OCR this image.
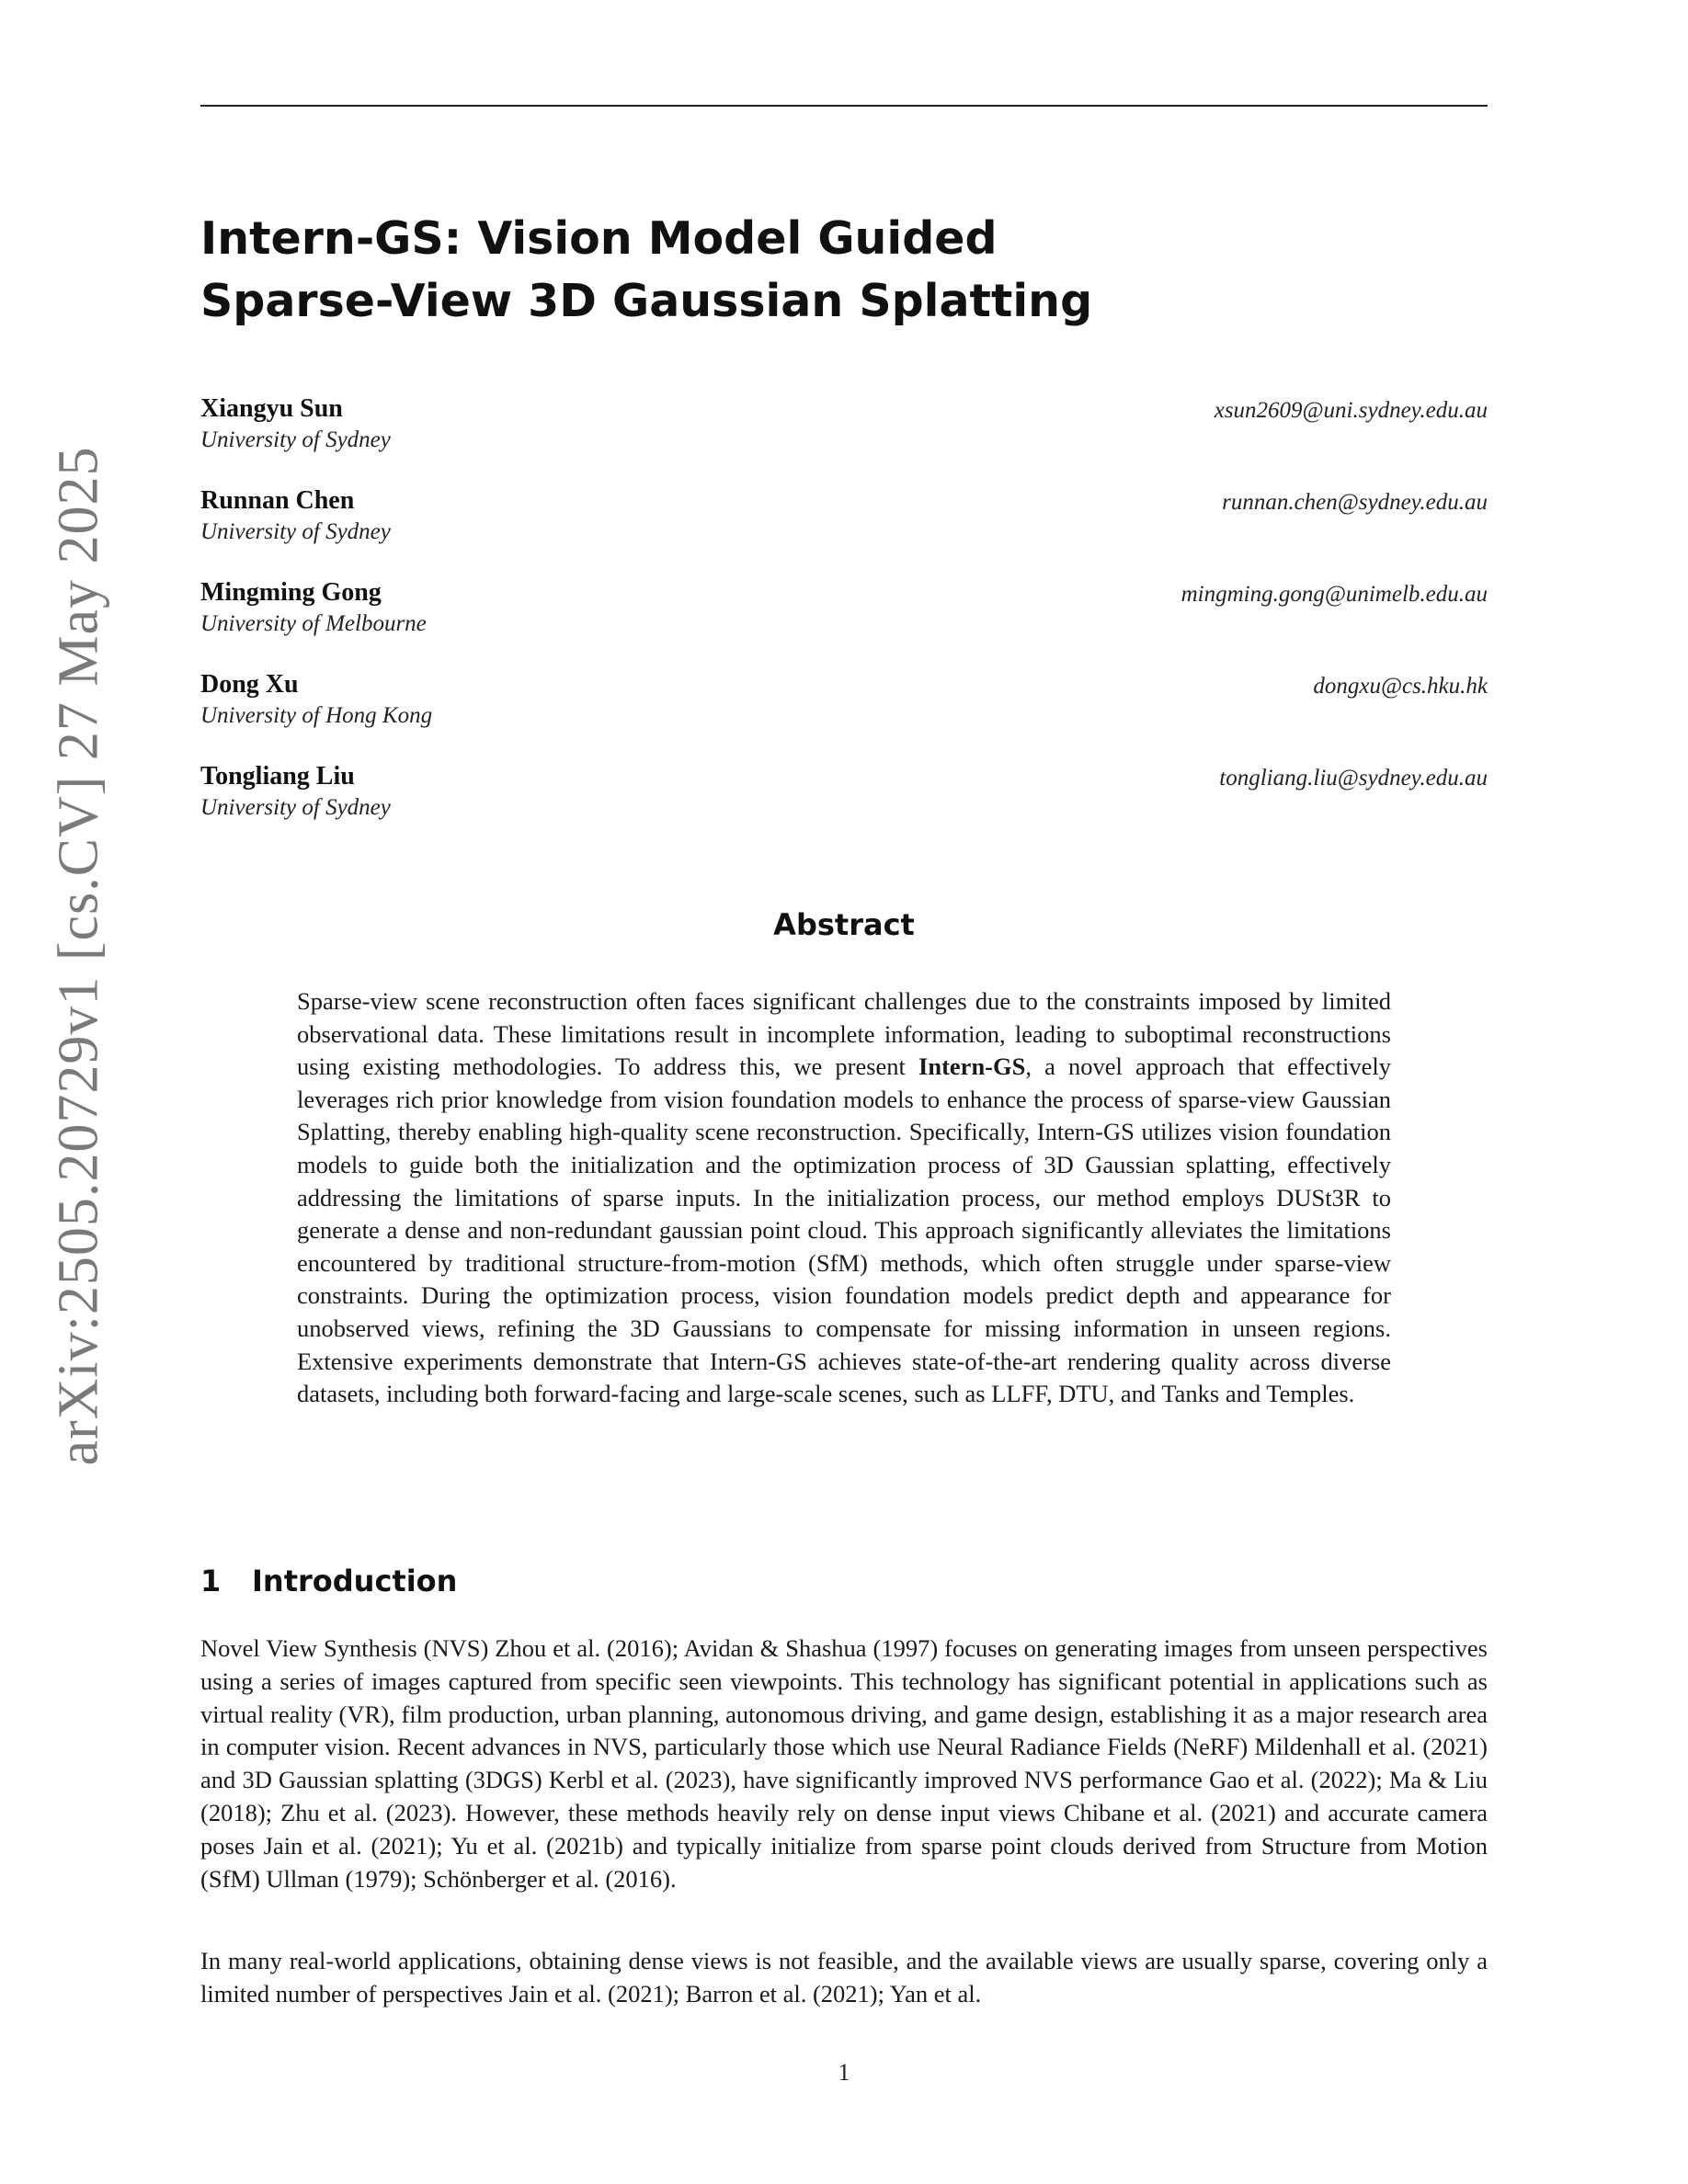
arXiv:2505.20729v1 [cs.CV] 27 May 2025
Intern-GS: Vision Model Guided
Sparse-View 3D Gaussian Splatting
Xiangyu Sun
University of Sydney
xsun2609@uni.sydney.edu.au
Runnan Chen
University of Sydney
runnan.chen@sydney.edu.au
Mingming Gong
University of Melbourne
mingming.gong@unimelb.edu.au
Dong Xu
University of Hong Kong
dongxu@cs.hku.hk
Tongliang Liu
University of Sydney
tongliang.liu@sydney.edu.au
Abstract

Sparse-view scene reconstruction often faces significant challenges due to the constraints imposed by limited observational data. These limitations result in incomplete information, leading to suboptimal reconstructions using existing methodologies. To address this, we present Intern-GS, a novel approach that effectively leverages rich prior knowledge from vision foundation models to enhance the process of sparse-view Gaussian Splatting, thereby enabling high-quality scene reconstruction. Specifically, Intern-GS utilizes vision foundation models to guide both the initialization and the optimization process of 3D Gaussian splatting, effectively addressing the limitations of sparse inputs. In the initialization process, our method employs DUSt3R to generate a dense and non-redundant gaussian point cloud. This approach significantly alleviates the limitations encountered by traditional structure-from-motion (SfM) methods, which often struggle under sparse-view constraints. During the optimization process, vision foundation models predict depth and appearance for unobserved views, refining the 3D Gaussians to compensate for missing information in unseen regions. Extensive experiments demonstrate that Intern-GS achieves state-of-the-art rendering quality across diverse datasets, including both forward-facing and large-scale scenes, such as LLFF, DTU, and Tanks and Temples.

1 Introduction

Novel View Synthesis (NVS) Zhou et al. (2016); Avidan & Shashua (1997) focuses on generating images from unseen perspectives using a series of images captured from specific seen viewpoints. This technology has significant potential in applications such as virtual reality (VR), film production, urban planning, autonomous driving, and game design, establishing it as a major research area in computer vision. Recent advances in NVS, particularly those which use Neural Radiance Fields (NeRF) Mildenhall et al. (2021) and 3D Gaussian splatting (3DGS) Kerbl et al. (2023), have significantly improved NVS performance Gao et al. (2022); Ma & Liu (2018); Zhu et al. (2023). However, these methods heavily rely on dense input views Chibane et al. (2021) and accurate camera poses Jain et al. (2021); Yu et al. (2021b) and typically initialize from sparse point clouds derived from Structure from Motion (SfM) Ullman (1979); Schönberger et al. (2016).

In many real-world applications, obtaining dense views is not feasible, and the available views are usually sparse, covering only a limited number of perspectives Jain et al. (2021); Barron et al. (2021); Yan et al.

1
